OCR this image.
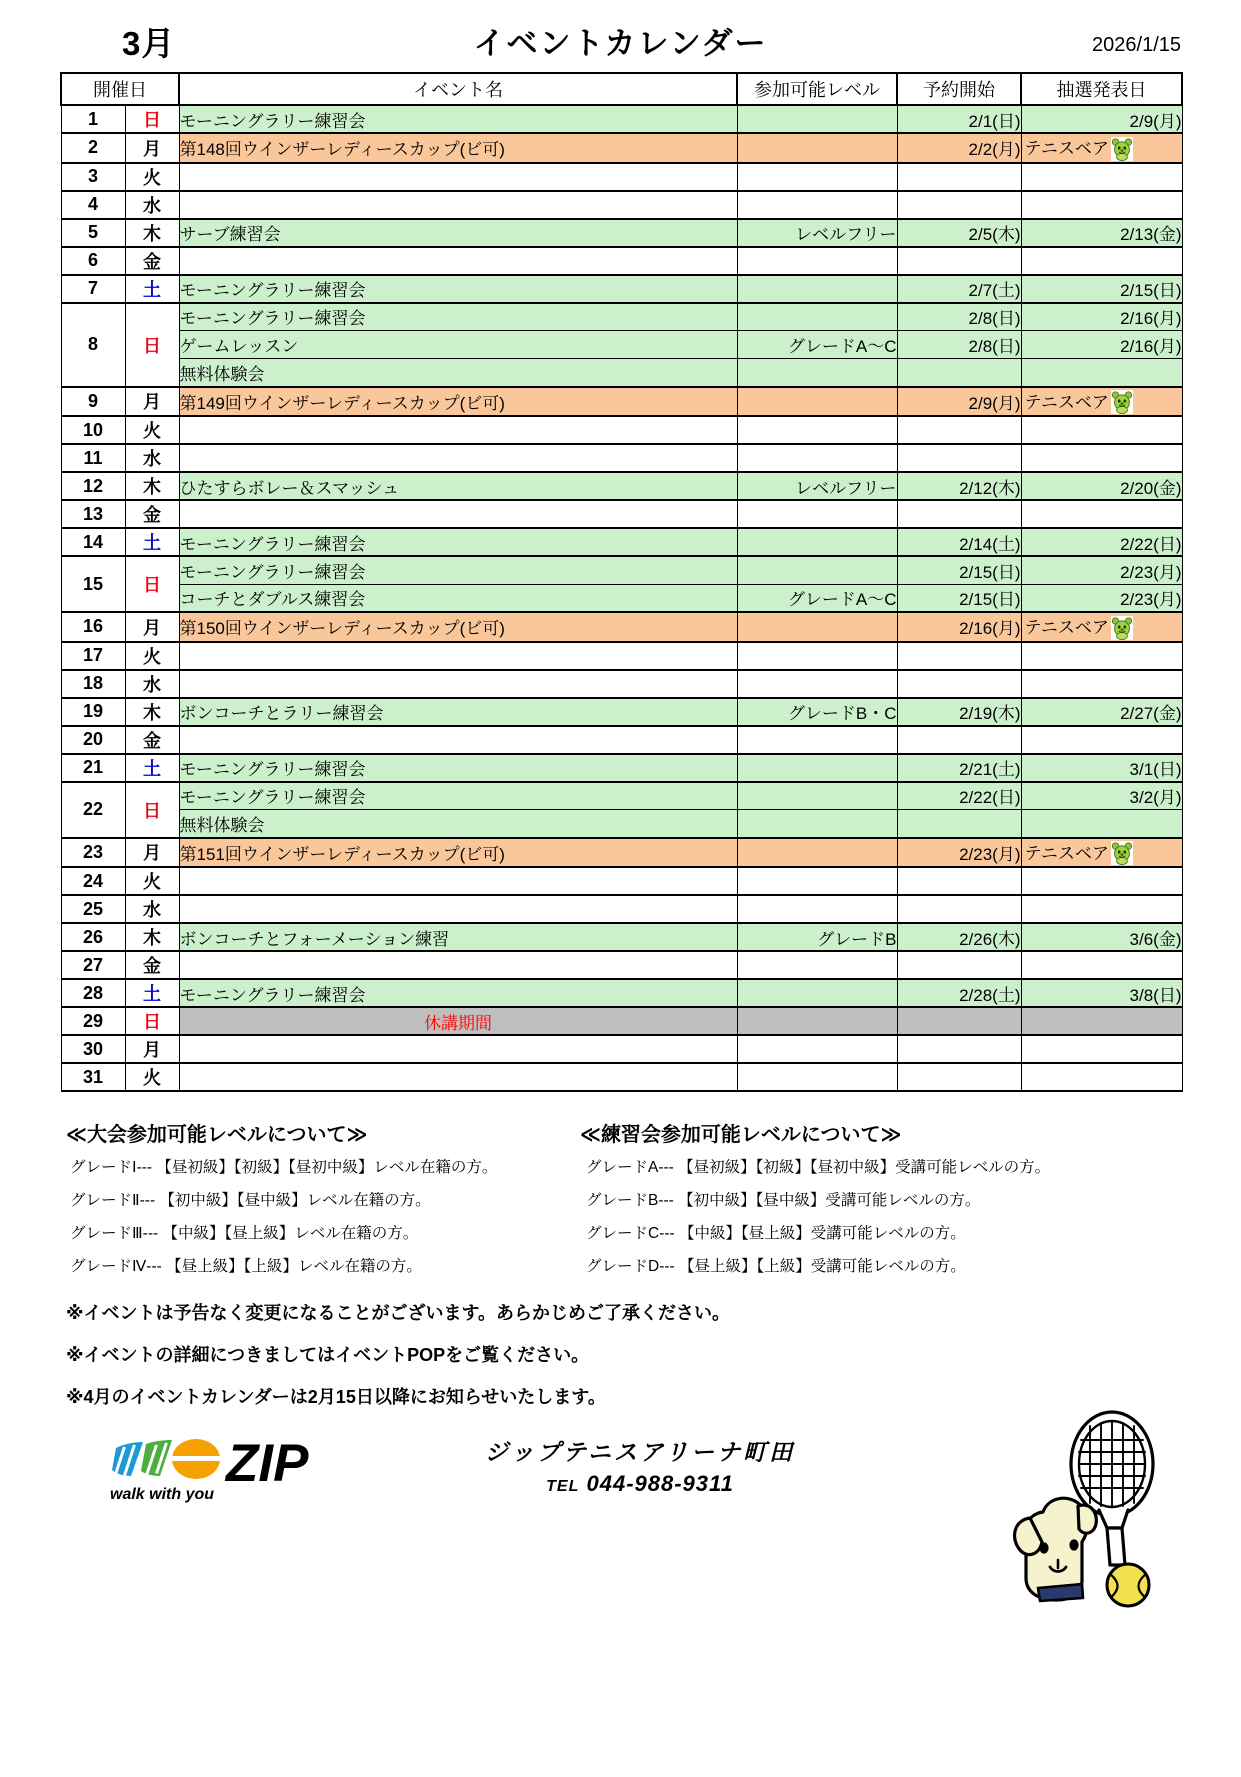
3月	イベントカレンダー	2026/1/15
開催日		イベント名	参加可能レベル	予約開始	抽選発表日
1	日	モーニングラリー練習会		2/1(日)	2/9(月)
2	月	第148回ウインザーレディースカップ(ビ可)		2/2(月)	テニスベア
3	火				
4	水				
5	木	サーブ練習会	レベルフリー	2/5(木)	2/13(金)
6	金				
7	土	モーニングラリー練習会		2/7(土)	2/15(日)
8	日	モーニングラリー練習会		2/8(日)	2/16(月)
		ゲームレッスン	グレードA〜C	2/8(日)	2/16(月)
		無料体験会			
9	月	第149回ウインザーレディースカップ(ビ可)		2/9(月)	テニスベア
10	火				
11	水				
12	木	ひたすらボレー＆スマッシュ	レベルフリー	2/12(木)	2/20(金)
13	金				
14	土	モーニングラリー練習会		2/14(土)	2/22(日)
15	日	モーニングラリー練習会		2/15(日)	2/23(月)
		コーチとダブルス練習会	グレードA〜C	2/15(日)	2/23(月)
16	月	第150回ウインザーレディースカップ(ビ可)		2/16(月)	テニスベア
17	火				
18	水				
19	木	ボンコーチとラリー練習会	グレードB・C	2/19(木)	2/27(金)
20	金				
21	土	モーニングラリー練習会		2/21(土)	3/1(日)
22	日	モーニングラリー練習会		2/22(日)	3/2(月)
		無料体験会			
23	月	第151回ウインザーレディースカップ(ビ可)		2/23(月)	テニスベア
24	火				
25	水				
26	木	ボンコーチとフォーメーション練習	グレードB	2/26(木)	3/6(金)
27	金				
28	土	モーニングラリー練習会		2/28(土)	3/8(日)
29	日	休講期間			

30	月				
31	火				
≪大会参加可能レベルについて≫
グレードⅠ--- 【昼初級】【初級】【昼初中級】レベル在籍の方。
グレードⅡ--- 【初中級】【昼中級】レベル在籍の方。
グレードⅢ--- 【中級】【昼上級】レベル在籍の方。
グレードⅣ--- 【昼上級】【上級】レベル在籍の方。
≪練習会参加可能レベルについて≫
グレードA--- 【昼初級】【初級】【昼初中級】受講可能レベルの方。
グレードB--- 【初中級】【昼中級】受講可能レベルの方。
グレードC--- 【中級】【昼上級】受講可能レベルの方。
グレードD--- 【昼上級】【上級】受講可能レベルの方。
※イベントは予告なく変更になることがございます。あらかじめご了承ください。
※イベントの詳細につきましてはイベントPOPをご覧ください。
※4月のイベントカレンダーは2月15日以降にお知らせいたします。
ZIP
walk with you
ジップテニスアリーナ町田
TEL 044-988-9311
